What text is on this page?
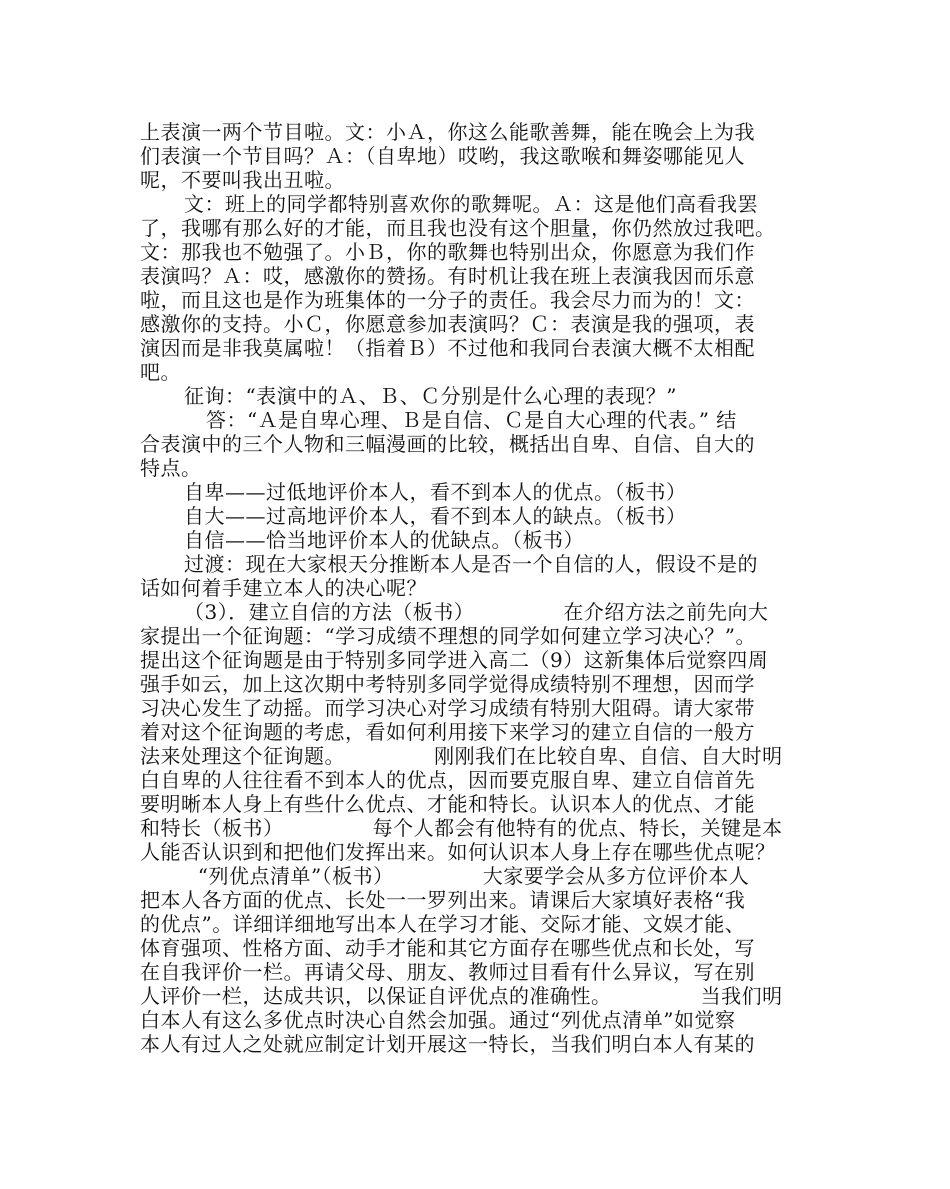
上表演一两个节目啦。文：小Ａ，你这么能歌善舞，能在晚会上为我
们表演一个节目吗？Ａ：（自卑地）哎哟，我这歌喉和舞姿哪能见人
呢，不要叫我出丑啦。
文：班上的同学都特别喜欢你的歌舞呢。Ａ：这是他们高看我罢
了，我哪有那么好的才能，而且我也没有这个胆量，你仍然放过我吧。
文：那我也不勉强了。小Ｂ，你的歌舞也特别出众，你愿意为我们作
表演吗？Ａ：哎，感激你的赞扬。有时机让我在班上表演我因而乐意
啦，而且这也是作为班集体的一分子的责任。我会尽力而为的！文：
感激你的支持。小Ｃ，你愿意参加表演吗？Ｃ：表演是我的强项，表
演因而是非我莫属啦！（指着Ｂ）不过他和我同台表演大概不太相配
吧。
征询：“表演中的Ａ、Ｂ、Ｃ分别是什么心理的表现？”
答：“Ａ是自卑心理、Ｂ是自信、Ｃ是自大心理的代表。” 结
合表演中的三个人物和三幅漫画的比较，概括出自卑、自信、自大的
特点。
自卑——过低地评价本人，看不到本人的优点。（板书）
自大——过高地评价本人，看不到本人的缺点。（板书）
自信——恰当地评价本人的优缺点。（板书）
过渡：现在大家根天分推断本人是否一个自信的人，假设不是的
话如何着手建立本人的决心呢？
（3）．建立自信的方法（板书）             在介绍方法之前先向大
家提出一个征询题：“学习成绩不理想的同学如何建立学习决心？”。
提出这个征询题是由于特别多同学进入高二（9）这新集体后觉察四周
强手如云，加上这次期中考特别多同学觉得成绩特别不理想，因而学
习决心发生了动摇。而学习决心对学习成绩有特别大阻碍。请大家带
着对这个征询题的考虑，看如何利用接下来学习的建立自信的一般方
法来处理这个征询题。             刚刚我们在比较自卑、自信、自大时明
白自卑的人往往看不到本人的优点，因而要克服自卑、建立自信首先
要明晰本人身上有些什么优点、才能和特长。认识本人的优点、才能
和特长（板书）             每个人都会有他特有的优点、特长，关键是本
人能否认识到和把他们发挥出来。如何认识本人身上存在哪些优点呢？
“列优点清单”（板书）             大家要学会从多方位评价本人
把本人各方面的优点、长处一一罗列出来。请课后大家填好表格“我
的优点”。详细详细地写出本人在学习才能、交际才能、文娱才能、
体育强项、性格方面、动手才能和其它方面存在哪些优点和长处，写
在自我评价一栏。再请父母、朋友、教师过目看有什么异议，写在别
人评价一栏，达成共识，以保证自评优点的准确性。             当我们明
白本人有这么多优点时决心自然会加强。通过“列优点清单”如觉察
本人有过人之处就应制定计划开展这一特长，当我们明白本人有某的
